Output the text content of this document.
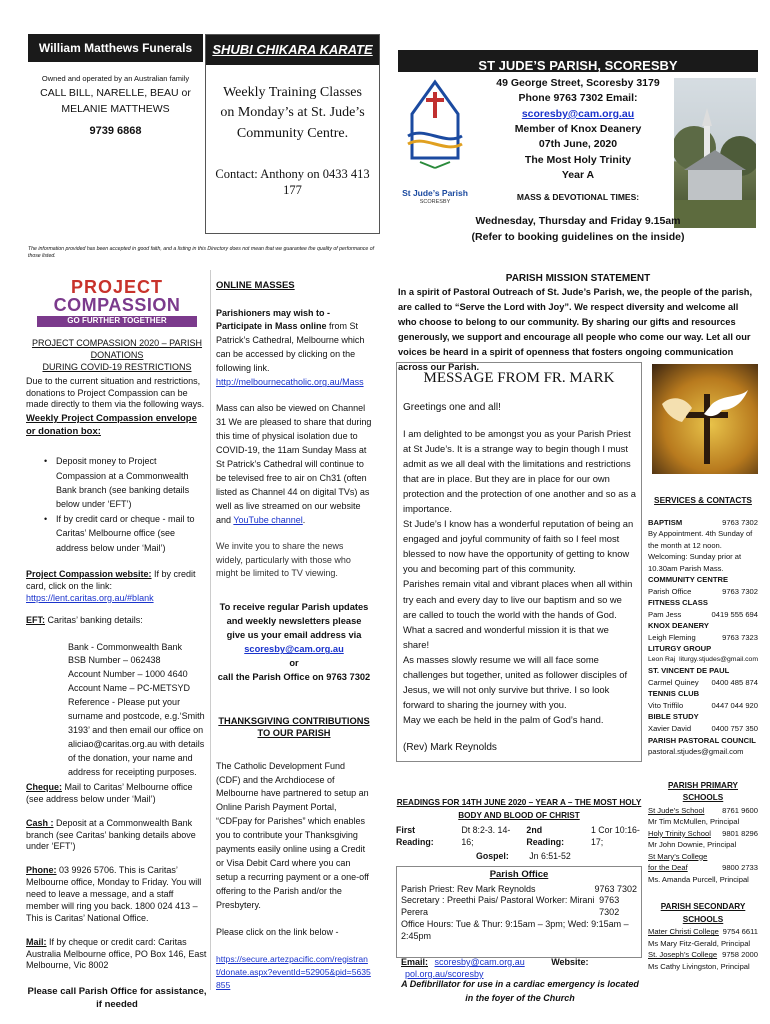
William Matthews Funerals
Owned and operated by an Australian family
CALL BILL, NARELLE, BEAU or MELANIE MATTHEWS
9739 6868
SHUBI CHIKARA KARATE
Weekly Training Classes on Monday’s at St. Jude’s Community Centre.
Contact: Anthony on 0433 413 177
The information provided has been accepted in good faith, and a listing in this Directory does not mean that we guarantee the quality of performance of those listed.
ST JUDE’S PARISH, SCORESBY
St Jude’s Parish
SCORESBY
49 George Street, Scoresby 3179
Phone 9763 7302 Email: scoresby@cam.org.au
Member of Knox Deanery
07th June, 2020
The Most Holy Trinity
Year A
MASS & DEVOTIONAL TIMES:
Wednesday, Thursday and Friday 9.15am
(Refer to booking guidelines on the inside)
PROJECT
COMPASSION
GO FURTHER TOGETHER
PROJECT COMPASSION 2020 – PARISH DONATIONS
DURING COVID-19 RESTRICTIONS
Due to the current situation and restrictions, donations to Project Compassion can be made directly to them via the following ways.
Weekly Project Compassion envelope or donation box:
• Deposit money to Project Compassion at a Commonwealth Bank branch (see banking details below under ‘EFT’)
• If by credit card or cheque - mail to Caritas’ Melbourne office (see address below under ‘Mail’)
Project Compassion website: If by credit card, click on the link: https://lent.caritas.org.au/#blank
EFT: Caritas’ banking details:
Bank - Commonwealth Bank
BSB Number – 062438
Account Number – 1000 4640
Account Name – PC-METSYD
Reference - Please put your surname and postcode, e.g.‘Smith 3193’ and then email our office on aliciao@caritas.org.au with details of the donation, your name and address for receipting purposes.
Cheque: Mail to Caritas’ Melbourne office (see address below under ‘Mail’)
Cash : Deposit at a Commonwealth Bank branch (see Caritas’ banking details above under ‘EFT’)
Phone: 03 9926 5706. This is Caritas’ Melbourne office, Monday to Friday. You will need to leave a message, and a staff member will ring you back. 1800 024 413 – This is Caritas’ National Office.
Mail: If by cheque or credit card: Caritas Australia Melbourne office, PO Box 146, East Melbourne, Vic 8002
Please call Parish Office for assistance, if needed
ONLINE MASSES
Parishioners may wish to - Participate in Mass online from St Patrick’s Cathedral, Melbourne which can be accessed by clicking on the following link. http://melbournecatholic.org.au/Mass
Mass can also be viewed on Channel 31 We are pleased to share that during this time of physical isolation due to COVID-19, the 11am Sunday Mass at St Patrick’s Cathedral will continue to be televised free to air on Ch31 (often listed as Channel 44 on digital TVs) as well as live streamed on our website and YouTube channel.
We invite you to share the news widely, particularly with those who might be limited to TV viewing.
To receive regular Parish updates and weekly newsletters please give us your email address via scoresby@cam.org.au
or
call the Parish Office on 9763 7302
THANKSGIVING CONTRIBUTIONS
TO OUR PARISH
The Catholic Development Fund (CDF) and the Archdiocese of Melbourne have partnered to setup an Online Parish Payment Portal, “CDFpay for Parishes” which enables you to contribute your Thanksgiving payments easily online using a Credit or Visa Debit Card where you can setup a recurring payment or a one-off offering to the Parish and/or the Presbytery.
Please click on the link below -
https://secure.artezpacific.com/registrant/donate.aspx?eventId=52905&pid=5635855
PARISH MISSION STATEMENT
In a spirit of Pastoral Outreach of St. Jude’s Parish, we, the people of the parish, are called to “Serve the Lord with Joy”. We respect diversity and welcome all who choose to belong to our community. By sharing our gifts and resources generously, we support and encourage all people who come our way. Let all our voices be heard in a spirit of openness that fosters ongoing communication across our Parish.
MESSAGE FROM FR. MARK
Greetings one and all!
I am delighted to be amongst you as your Parish Priest at St Jude’s. It is a strange way to begin though I must admit as we all deal with the limitations and restrictions that are in place. But they are in place for our own protection and the protection of one another and so as a importance.
St Jude’s I know has a wonderful reputation of being an engaged and joyful community of faith so I feel most blessed to now have the opportunity of getting to know you and becoming part of this community.
Parishes remain vital and vibrant places when all within try each and every day to live our baptism and so we are called to touch the world with the hands of God. What a sacred and wonderful mission it is that we share!
As masses slowly resume we will all face some challenges but together, united as follower disciples of Jesus, we will not only survive but thrive. I so look forward to sharing the journey with you.
May we each be held in the palm of God’s hand.
(Rev) Mark Reynolds
READINGS FOR 14TH JUNE 2020 – YEAR A – THE MOST HOLY BODY AND BLOOD OF CHRIST
First Reading:
Dt 8:2-3. 14-16;
2nd Reading:
1 Cor 10:16-17;
Gospel: Jn 6:51-52
Parish Office
Parish Priest: Rev Mark Reynolds	9763 7302
Secretary : Preethi Pais/ Pastoral Worker: Mirani Perera
9763 7302
Office Hours: Tue & Thur: 9:15am – 3pm; Wed: 9:15am – 2:45pm
Email: scoresby@cam.org.au	Website: pol.org.au/scoresby
A Defibrillator for use in a cardiac emergency is located in the foyer of the Church
SERVICES & CONTACTS
BAPTISM	9763 7302
By Appointment. 4th Sunday of the month at 12 noon. Welcoming: Sunday prior at 10.30am Parish Mass.
COMMUNITY CENTRE
Parish Office	9763 7302
FITNESS CLASS
Pam Jess	0419 555 694
KNOX DEANERY
Leigh Fleming	9763 7323
LITURGY GROUP
Leon Raj liturgy.stjudes@gmail.com
ST. VINCENT DE PAUL
Carmel Quiney 0400 485 874
TENNIS CLUB
Vito Triffilo	0447 044 920
BIBLE STUDY
Xavier David	0400 757 350
PARISH PASTORAL COUNCIL
pastoral.stjudes@gmail.com
PARISH PRIMARY SCHOOLS
St Jude’s School 8761 9600
Mr Tim McMullen, Principal
Holy Trinity School 9801 8296
Mr John Downie, Principal
St Mary’s College for the Deaf	9800 2733
Ms. Amanda Purcell, Principal
PARISH SECONDARY SCHOOLS
Mater Christi College 9754 6611
Ms Mary Fitz-Gerald, Principal
St. Joseph’s College 9758 2000
Ms Cathy Livingston, Principal
